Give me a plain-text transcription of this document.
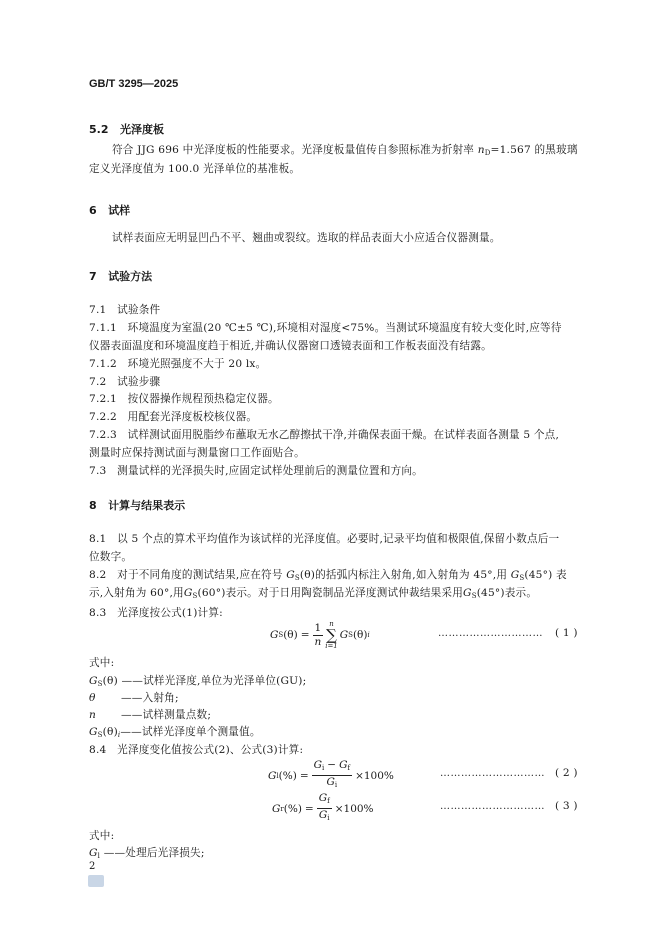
GB/T 3295—2025
5.2 光泽度板
符合 JJG 696 中光泽度板的性能要求。光泽度板量值传自参照标准为折射率 $n_D=1.567$ 的黑玻璃
定义光泽度值为 100.0 光泽单位的基准板。
6 试样
试样表面应无明显凹凸不平、翘曲或裂纹。选取的样品表面大小应适合仪器测量。
7 试验方法
7.1 试验条件
7.1.1 环境温度为室温(20 ℃±5 ℃),环境相对湿度<75%。当测试环境温度有较大变化时,应等待
仪器表面温度和环境温度趋于相近,并确认仪器窗口透镜表面和工作板表面没有结露。
7.1.2 环境光照强度不大于 20 lx。
7.2 试验步骤
7.2.1 按仪器操作规程预热稳定仪器。
7.2.2 用配套光泽度板校核仪器。
7.2.3 试样测试面用脱脂纱布蘸取无水乙醇擦拭干净,并确保表面干燥。在试样表面各测量 5 个点,
测量时应保持测试面与测量窗口工作面贴合。
7.3 测量试样的光泽损失时,应固定试样处理前后的测量位置和方向。
8 计算与结果表示
8.1 以 5 个点的算术平均值作为该试样的光泽度值。必要时,记录平均值和极限值,保留小数点后一
位数字。
8.2 对于不同角度的测试结果,应在符号 $G_S(\theta)$的括弧内标注入射角,如入射角为 45°,用 $G_S(45^\circ)$ 表
示,入射角为 60°,用$G_S(60^\circ)$表示。对于日用陶瓷制品光泽度测试仲裁结果采用$G_S(45^\circ)$表示。
8.3 光泽度按公式(1)计算:
G S $(\theta) = \frac{1}{n}$ n
∑
i=1
G S (θ) i	………………………… ( 1 )
式中:
$G_S(\theta)$ ——试样光泽度,单位为光泽单位(GU);
θ ——入射角;
n ——试样测量点数;
$G_S(\theta)_i——$试样光泽度单个测量值。
8.4 光泽度变化值按公式(2)、公式(3)计算:
G l (%) = $\frac{G_i - G_f}{G_i} \times 100\%$	………………………… ( 2 )
G r (%) = $\frac{G_f}{G_i} \times 100\%$	………………………… ( 3 )
式中:
$G_l$ ——处理后光泽损失;
2
